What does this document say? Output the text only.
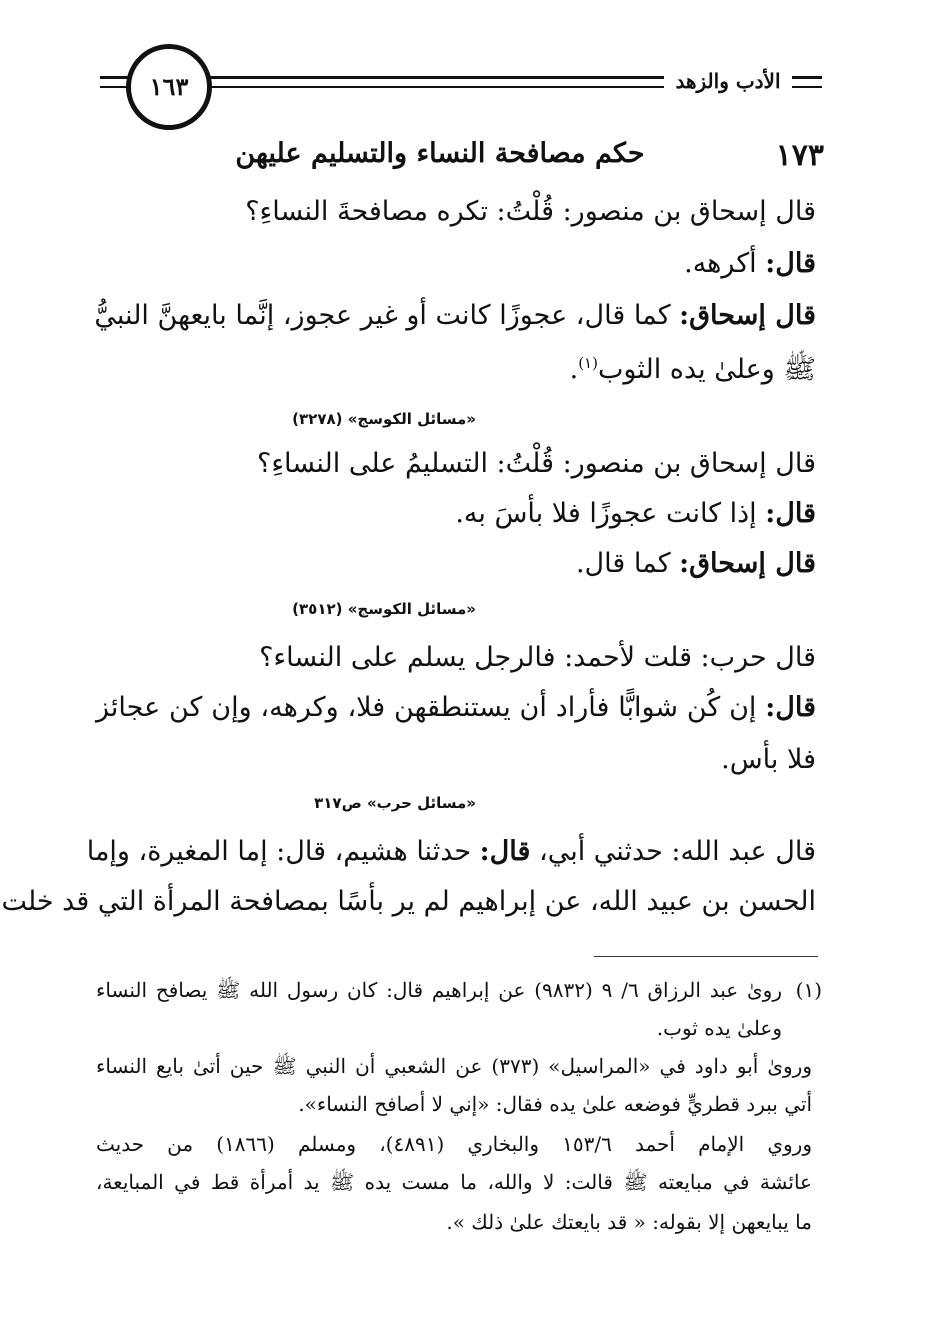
الأدب والزهد
١٦٣
١٧٣
حكم مصافحة النساء والتسليم عليهن
قال إسحاق بن منصور: قُلْتُ: تكره مصافحةَ النساءِ؟
قال: أكرهه.
قال إسحاق: كما قال، عجوزًا كانت أو غير عجوز، إنَّما بايعهنَّ النبيُّ
ﷺ وعلىٰ يده الثوب$^{(١)}$.
«مسائل الكوسج» (٣٢٧٨)
قال إسحاق بن منصور: قُلْتُ: التسليمُ على النساءِ؟
قال: إذا كانت عجوزًا فلا بأسَ به.
قال إسحاق: كما قال.
«مسائل الكوسج» (٣٥١٢)
قال حرب: قلت لأحمد: فالرجل يسلم على النساء؟
قال: إن كُن شوابًّا فأراد أن يستنطقهن فلا، وكرهه، وإن كن عجائز
فلا بأس.
«مسائل حرب» ص٣١٧
قال عبد الله: حدثني أبي، قال: حدثنا هشيم، قال: إما المغيرة، وإما
الحسن بن عبيد الله، عن إبراهيم لم ير بأسًا بمصافحة المرأة التي قد خلت
(١)
رویٰ عبد الرزاق ٦/ ٩ (٩٨٣٢) عن إبراهيم قال: كان رسول الله ﷺ يصافح النساء
وعلىٰ يده ثوب.
ورویٰ أبو داود في «المراسيل» (٣٧٣) عن الشعبي أن النبي ﷺ حين أتىٰ بايع النساء
أتي ببرد قطريٍّ فوضعه علىٰ يده فقال: «إني لا أصافح النساء».
وروي الإمام أحمد ١٥٣/٦ والبخاري (٤٨٩١)، ومسلم (١٨٦٦) من حديث
عائشة في مبايعته ﷺ قالت: لا والله، ما مست يده ﷺ يد أمرأة قط في المبايعة،
ما يبايعهن إلا بقوله: « قد بايعتك علىٰ ذلك ».
